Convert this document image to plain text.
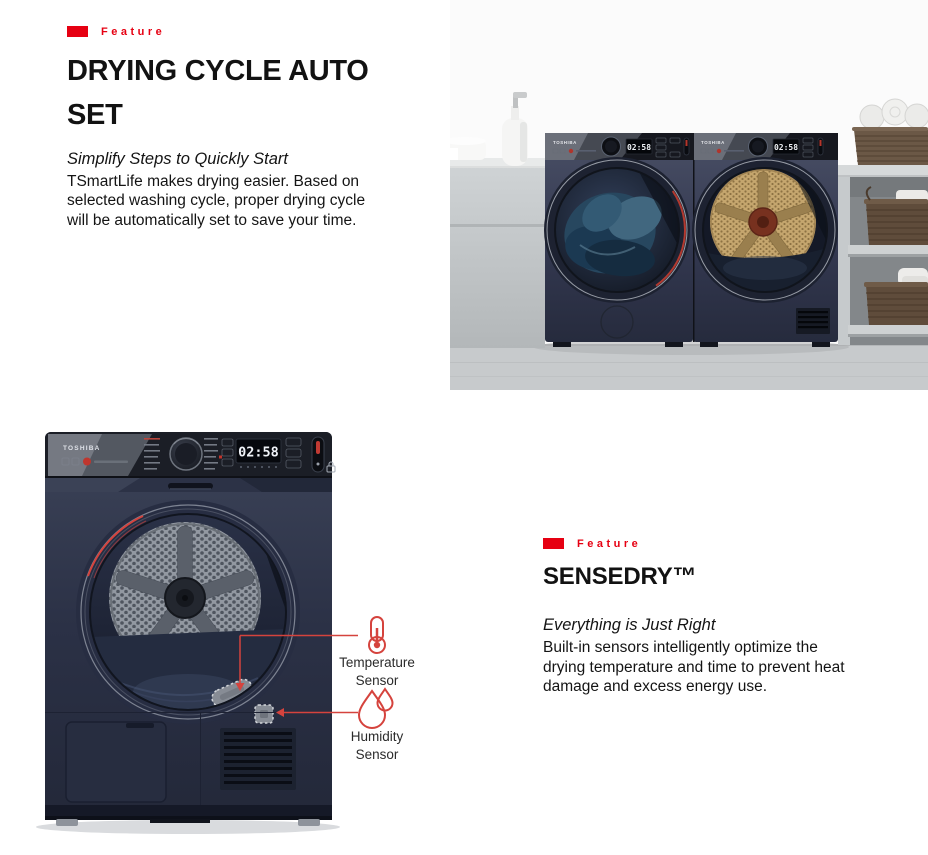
Feature
DRYING CYCLE AUTO SET

Simplify Steps to Quickly Start

TSmartLife makes drying easier. Based on selected washing cycle, proper drying cycle will be automatically set to save your time.

TOSHIBA
02:58
TOSHIBA
02:58
TOSHIBA	02:58
Temperature
Sensor
Humidity
Sensor
Feature
SENSEDRY™

Everything is Just Right

Built-in sensors intelligently optimize the drying temperature and time to prevent heat damage and excess energy use.
